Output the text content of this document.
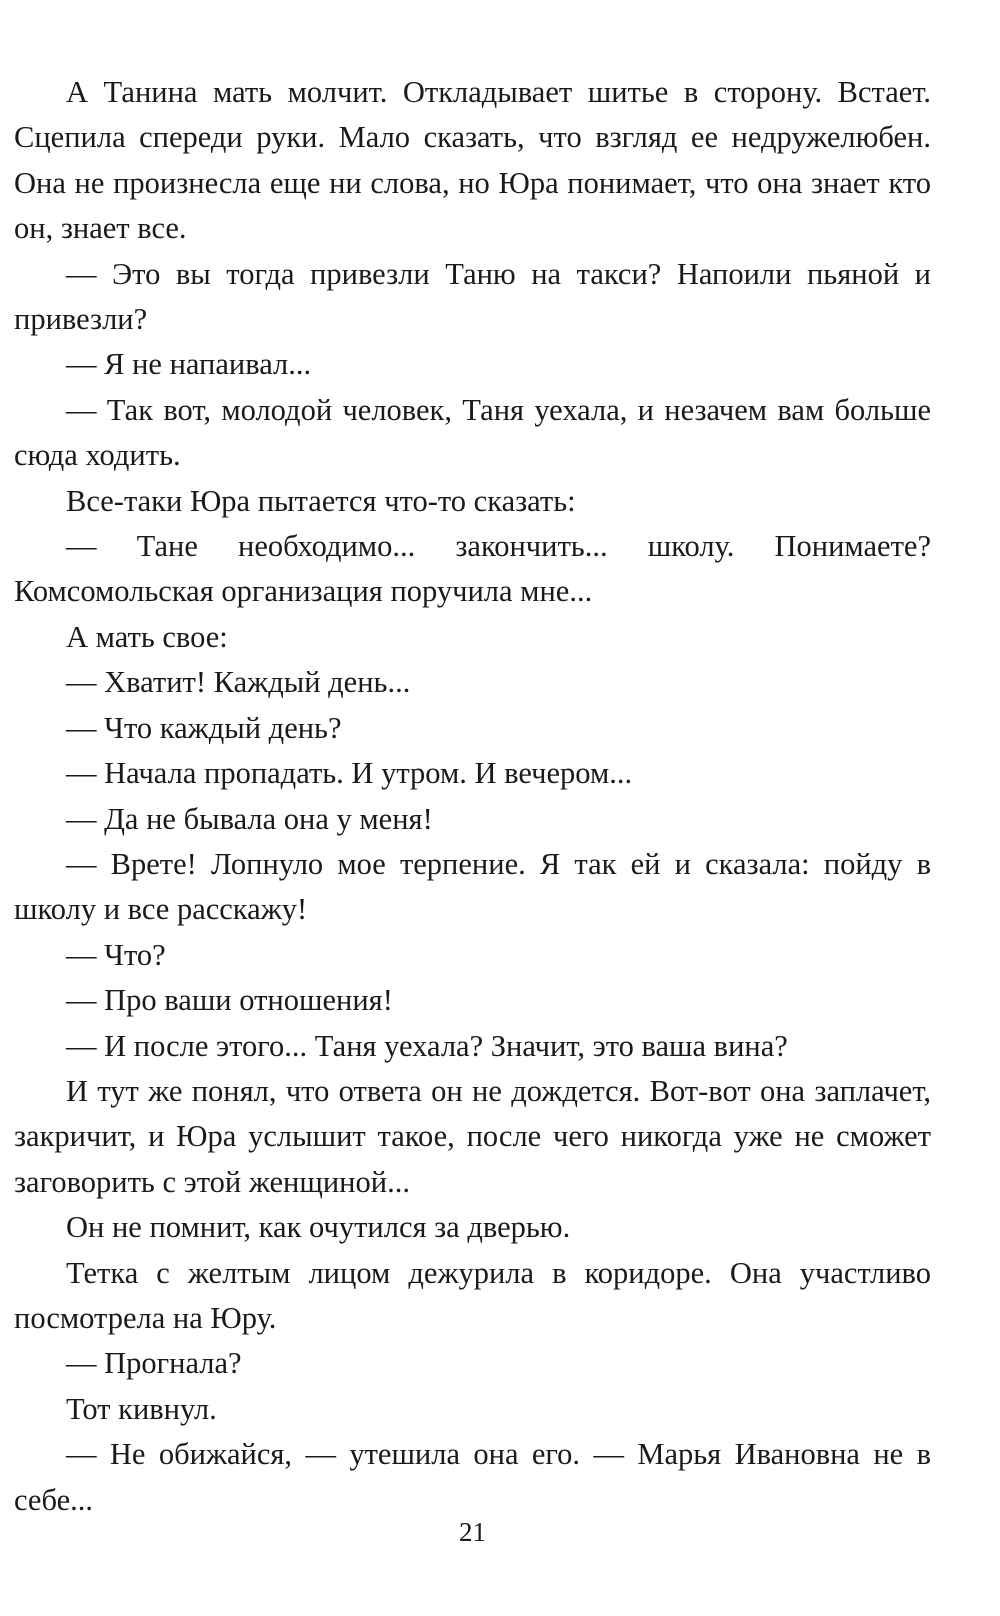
А Танина мать молчит. Откладывает шитье в сторону. Встает. Сцепила спереди руки. Мало сказать, что взгляд ее недружелюбен. Она не произнесла еще ни слова, но Юра понимает, что она знает кто он, знает все.

— Это вы тогда привезли Таню на такси? Напоили пьяной и привезли?

— Я не напаивал...

— Так вот, молодой человек, Таня уехала, и незачем вам больше сюда ходить.

Все-таки Юра пытается что-то сказать:

— Тане необходимо... закончить... школу. Понимаете? Комсомольская организация поручила мне...

А мать свое:

— Хватит! Каждый день...

— Что каждый день?

— Начала пропадать. И утром. И вечером...

— Да не бывала она у меня!

— Врете! Лопнуло мое терпение. Я так ей и сказала: пойду в школу и все расскажу!

— Что?

— Про ваши отношения!

— И после этого... Таня уехала? Значит, это ваша вина?

И тут же понял, что ответа он не дождется. Вот-вот она заплачет, закричит, и Юра услышит такое, после чего никогда уже не сможет заговорить с этой женщиной...

Он не помнит, как очутился за дверью.

Тетка с желтым лицом дежурила в коридоре. Она участливо посмотрела на Юру.

— Прогнала?

Тот кивнул.

— Не обижайся, — утешила она его. — Марья Ивановна не в себе...

21
